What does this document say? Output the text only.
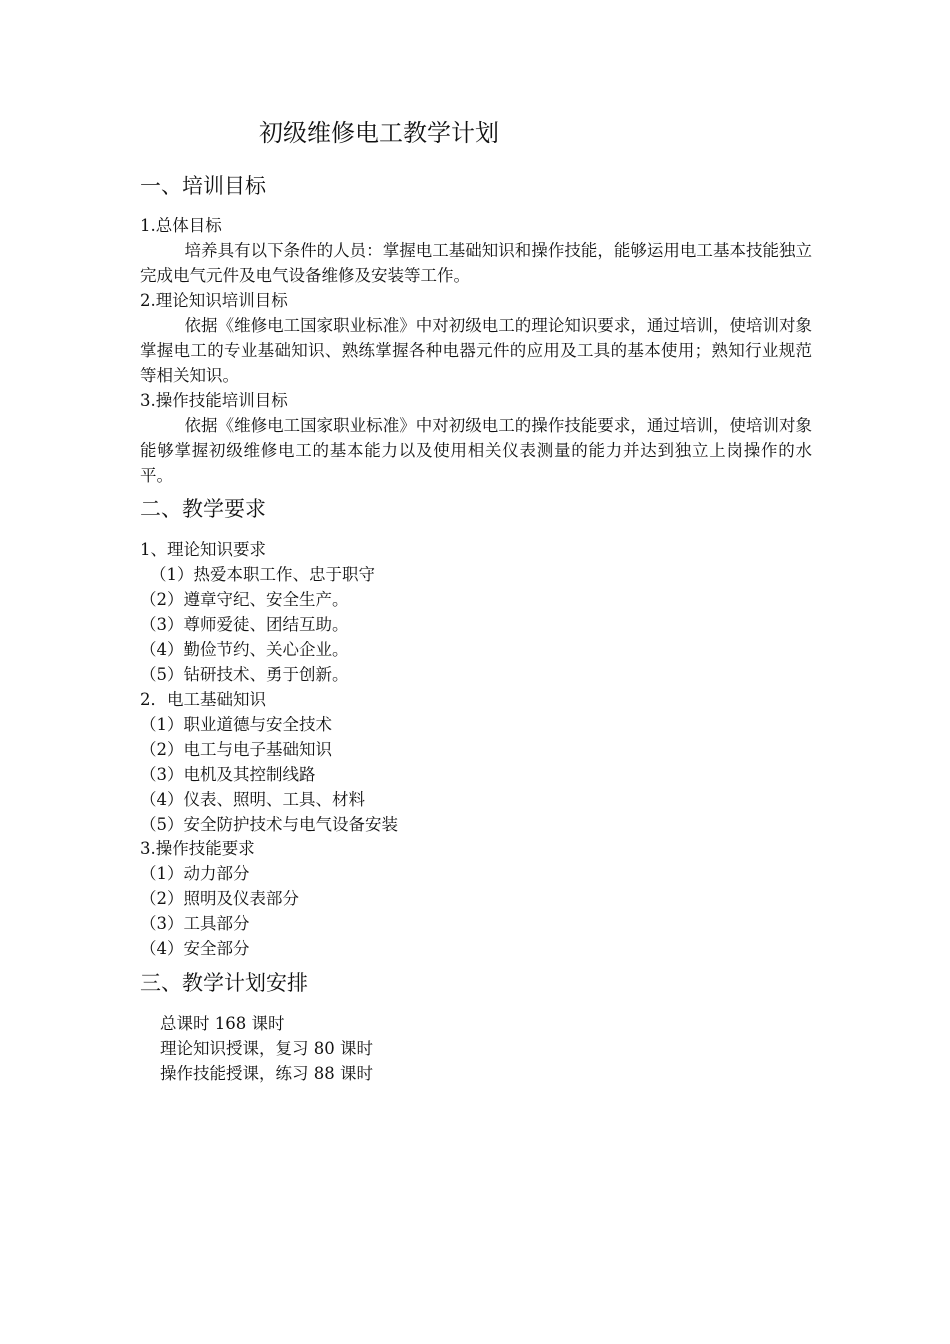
初级维修电工教学计划
一、培训目标
1.总体目标
培养具有以下条件的人员：掌握电工基础知识和操作技能，能够运用电工基本技能独立完成电气元件及电气设备维修及安装等工作。
2.理论知识培训目标
依据《维修电工国家职业标准》中对初级电工的理论知识要求，通过培训，使培训对象掌握电工的专业基础知识、熟练掌握各种电器元件的应用及工具的基本使用；熟知行业规范等相关知识。
3.操作技能培训目标
依据《维修电工国家职业标准》中对初级电工的操作技能要求，通过培训，使培训对象能够掌握初级维修电工的基本能力以及使用相关仪表测量的能力并达到独立上岗操作的水平。
二、教学要求
1、理论知识要求
（1）热爱本职工作、忠于职守
（2）遵章守纪、安全生产。
（3）尊师爱徒、团结互助。
（4）勤俭节约、关心企业。
（5）钻研技术、勇于创新。
2．电工基础知识
（1）职业道德与安全技术
（2）电工与电子基础知识
（3）电机及其控制线路
（4）仪表、照明、工具、材料
（5）安全防护技术与电气设备安装
3.操作技能要求
（1）动力部分
（2）照明及仪表部分
（3）工具部分
（4）安全部分
三、教学计划安排
总课时 168 课时
理论知识授课，复习 80 课时
操作技能授课，练习 88 课时
